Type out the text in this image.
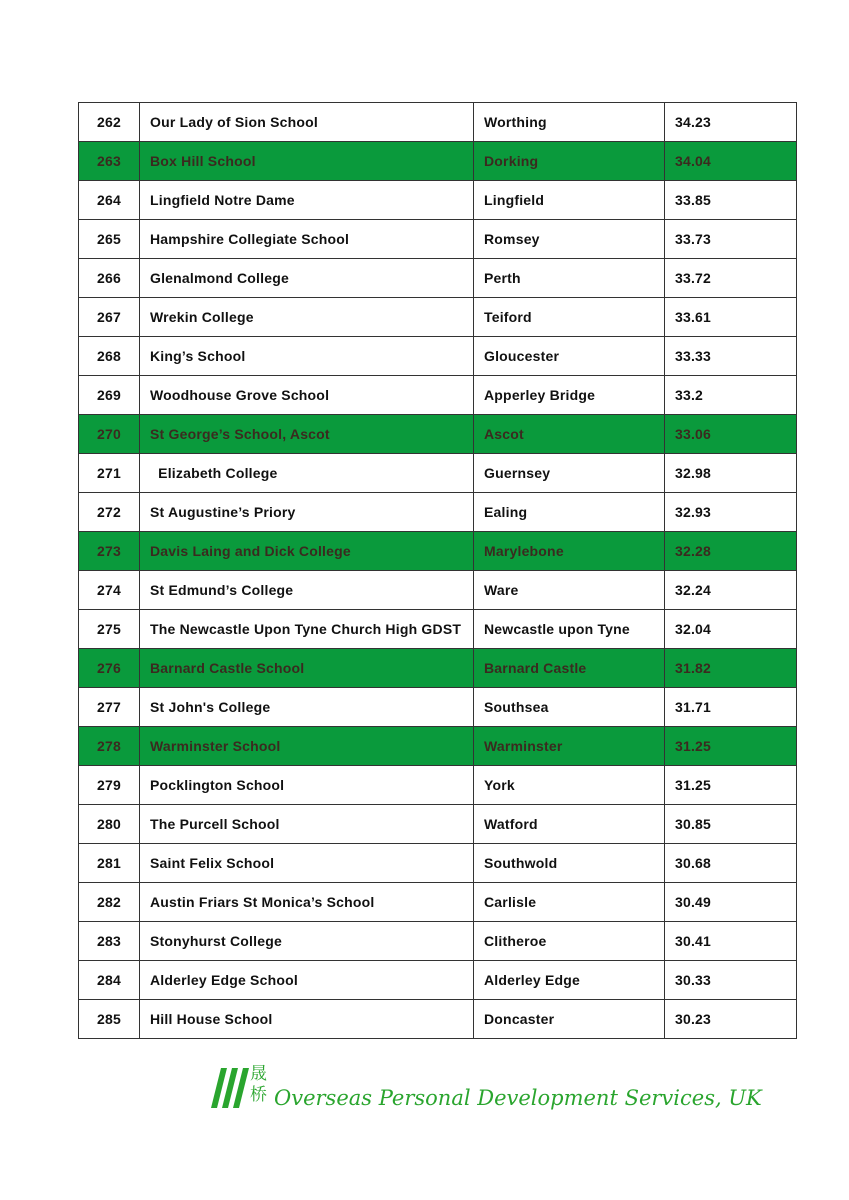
262	Our Lady of Sion School	Worthing	34.23
263	Box Hill School	Dorking	34.04
264	Lingfield Notre Dame	Lingfield	33.85
265	Hampshire Collegiate School	Romsey	33.73
266	Glenalmond College	Perth	33.72
267	Wrekin College	Teiford	33.61
268	King’s School	Gloucester	33.33
269	Woodhouse Grove School	Apperley Bridge	33.2
270	St George’s School, Ascot	Ascot	33.06
271	Elizabeth College	Guernsey	32.98
272	St Augustine’s Priory	Ealing	32.93
273	Davis Laing and Dick College	Marylebone	32.28
274	St Edmund’s College	Ware	32.24
275	The Newcastle Upon Tyne Church High GDST	Newcastle upon Tyne	32.04
276	Barnard Castle School	Barnard Castle	31.82
277	St John's College	Southsea	31.71
278	Warminster School	Warminster	31.25
279	Pocklington School	York	31.25
280	The Purcell School	Watford	30.85
281	Saint Felix School	Southwold	30.68
282	Austin Friars St Monica’s School	Carlisle	30.49
283	Stonyhurst College	Clitheroe	30.41
284	Alderley Edge School	Alderley Edge	30.33
285	Hill House School	Doncaster	30.23
晟
桥 Overseas Personal Development Services, UK
